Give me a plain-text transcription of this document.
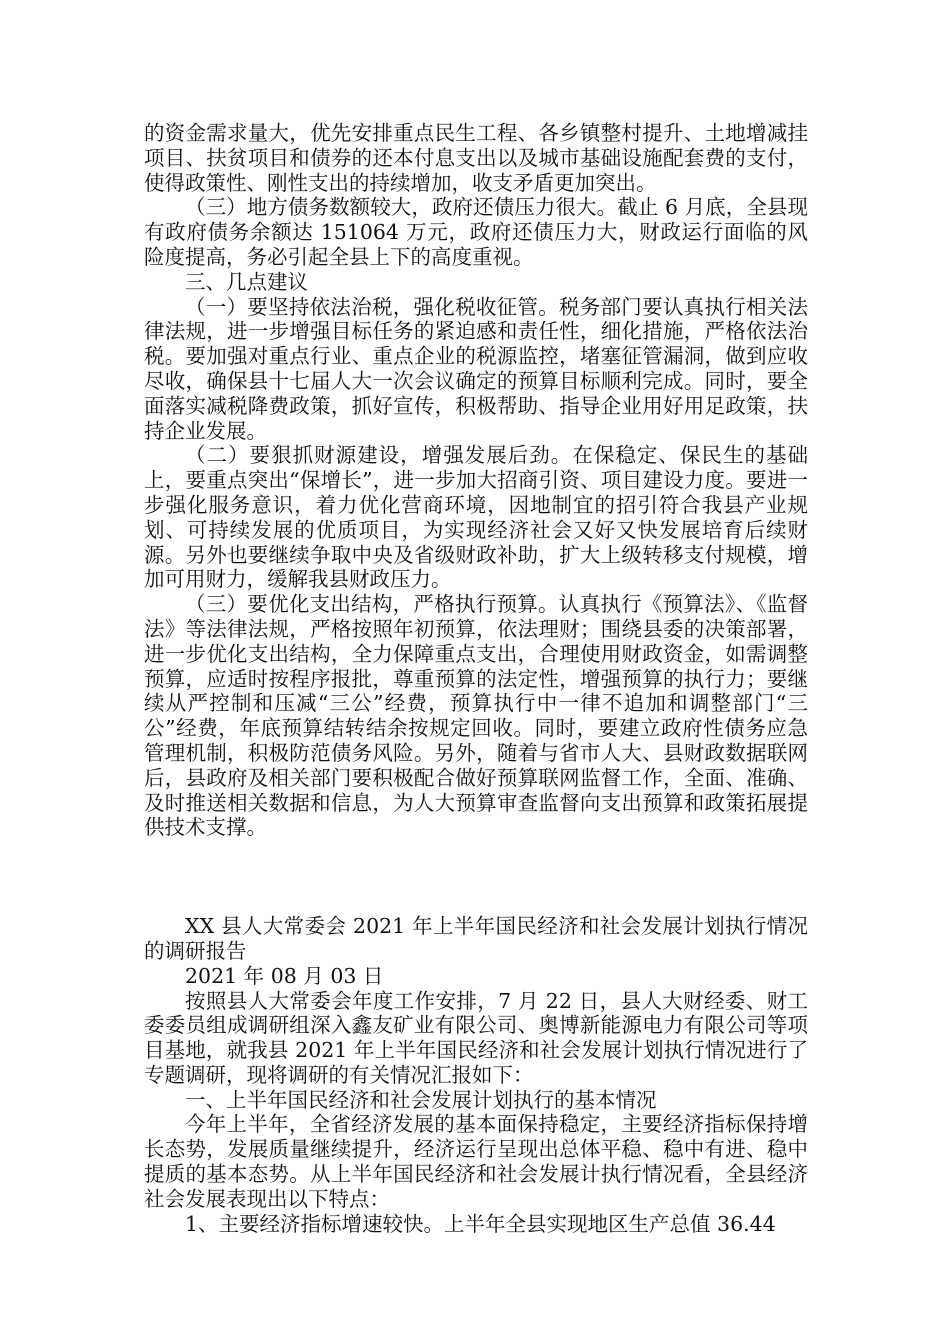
的资金需求量大，优先安排重点民生工程、各乡镇整村提升、土地增减挂项目、扶贫项目和债券的还本付息支出以及城市基础设施配套费的支付，使得政策性、刚性支出的持续增加，收支矛盾更加突出。

（三）地方债务数额较大，政府还债压力很大。截止 6 月底，全县现有政府债务余额达 151064 万元，政府还债压力大，财政运行面临的风险度提高，务必引起全县上下的高度重视。

三、几点建议

（一）要坚持依法治税，强化税收征管。税务部门要认真执行相关法律法规，进一步增强目标任务的紧迫感和责任性，细化措施，严格依法治税。要加强对重点行业、重点企业的税源监控，堵塞征管漏洞，做到应收尽收，确保县十七届人大一次会议确定的预算目标顺利完成。同时，要全面落实减税降费政策，抓好宣传，积极帮助、指导企业用好用足政策，扶持企业发展。

（二）要狠抓财源建设，增强发展后劲。在保稳定、保民生的基础上，要重点突出“保增长”，进一步加大招商引资、项目建设力度。要进一步强化服务意识，着力优化营商环境，因地制宜的招引符合我县产业规划、可持续发展的优质项目，为实现经济社会又好又快发展培育后续财源。另外也要继续争取中央及省级财政补助，扩大上级转移支付规模，增加可用财力，缓解我县财政压力。

（三）要优化支出结构，严格执行预算。认真执行《预算法》、《监督法》等法律法规，严格按照年初预算，依法理财；围绕县委的决策部署，进一步优化支出结构，全力保障重点支出，合理使用财政资金，如需调整预算，应适时按程序报批，尊重预算的法定性，增强预算的执行力；要继续从严控制和压减“三公”经费，预算执行中一律不追加和调整部门“三公”经费，年底预算结转结余按规定回收。同时，要建立政府性债务应急管理机制，积极防范债务风险。另外，随着与省市人大、县财政数据联网后，县政府及相关部门要积极配合做好预算联网监督工作，全面、准确、及时推送相关数据和信息，为人大预算审查监督向支出预算和政策拓展提供技术支撑。

XX 县人大常委会 2021 年上半年国民经济和社会发展计划执行情况的调研报告

2021 年 08 月 03 日

按照县人大常委会年度工作安排，7 月 22 日，县人大财经委、财工委委员组成调研组深入鑫友矿业有限公司、奥博新能源电力有限公司等项目基地，就我县 2021 年上半年国民经济和社会发展计划执行情况进行了专题调研，现将调研的有关情况汇报如下：

一、上半年国民经济和社会发展计划执行的基本情况

今年上半年，全省经济发展的基本面保持稳定，主要经济指标保持增长态势，发展质量继续提升，经济运行呈现出总体平稳、稳中有进、稳中提质的基本态势。从上半年国民经济和社会发展计执行情况看，全县经济社会发展表现出以下特点：

1、主要经济指标增速较快。上半年全县实现地区生产总值 36.44
